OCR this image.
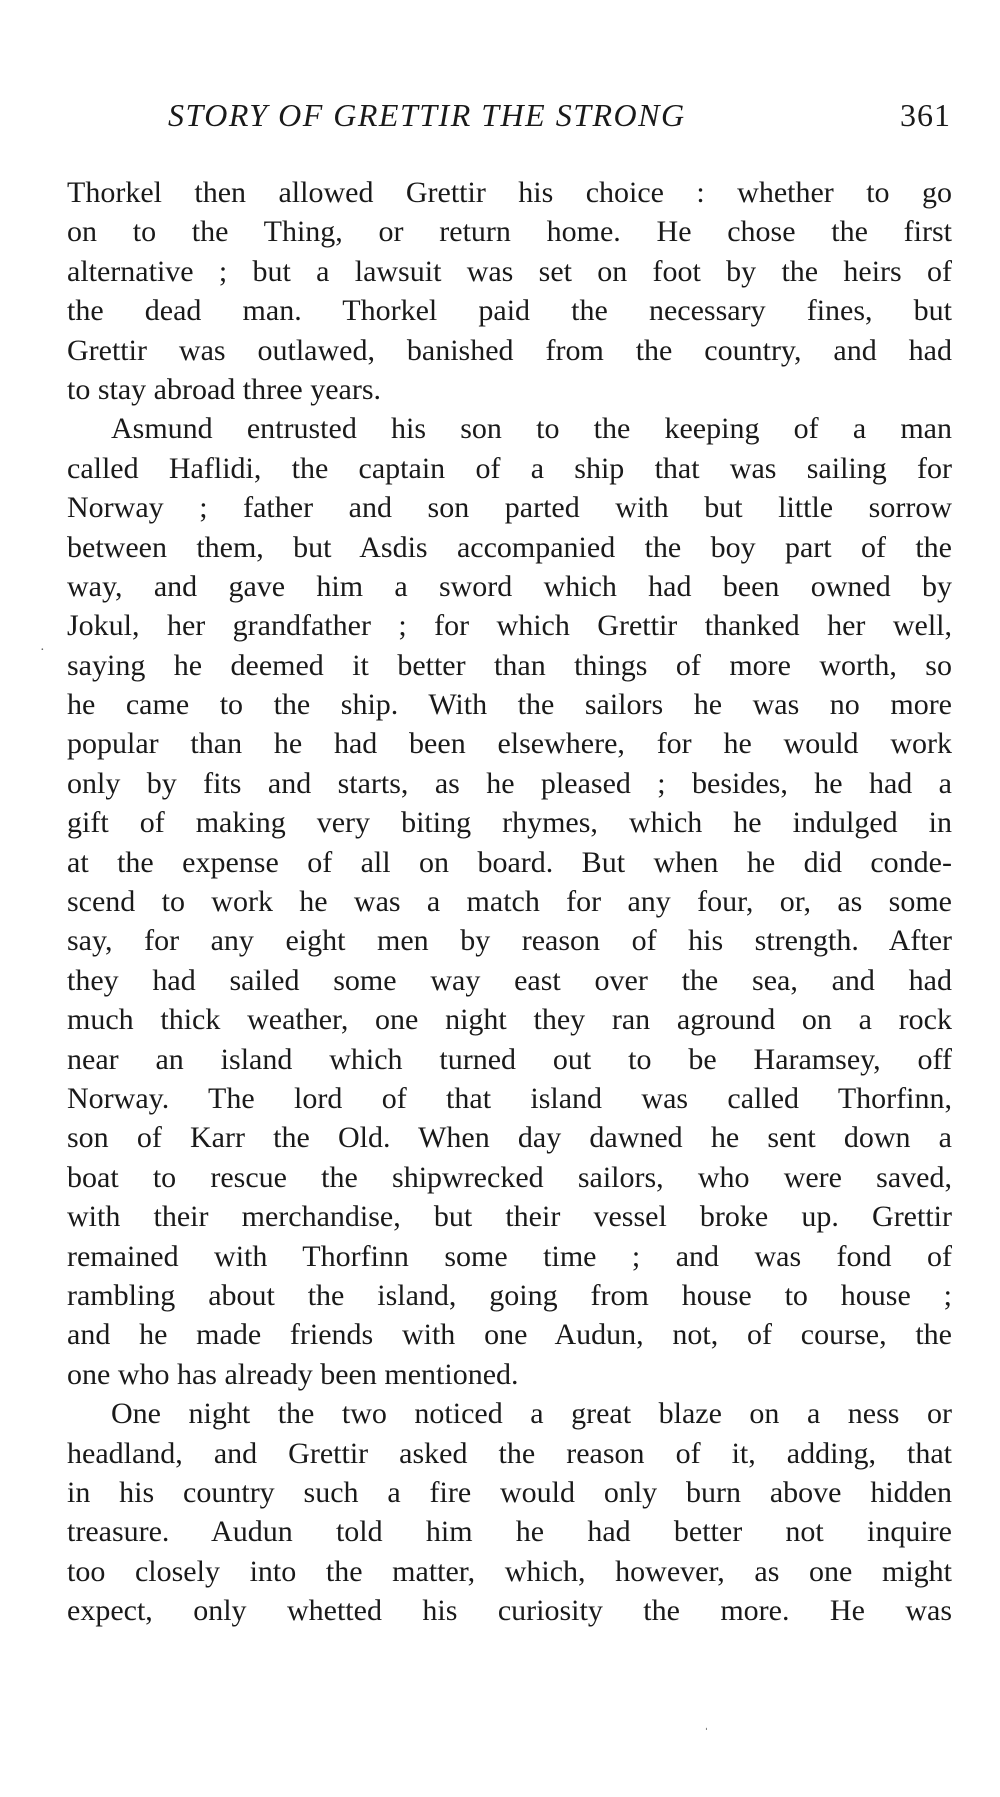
STORY OF GRETTIR THE STRONG	361
Thorkel then allowed Grettir his choice : whether to go
on to the Thing, or return home. He chose the first
alternative ; but a lawsuit was set on foot by the heirs of
the dead man. Thorkel paid the necessary fines, but
Grettir was outlawed, banished from the country, and had
to stay abroad three years.
Asmund entrusted his son to the keeping of a man
called Haflidi, the captain of a ship that was sailing for
Norway ; father and son parted with but little sorrow
between them, but Asdis accompanied the boy part of the
way, and gave him a sword which had been owned by
Jokul, her grandfather ; for which Grettir thanked her well,
saying he deemed it better than things of more worth, so
he came to the ship. With the sailors he was no more
popular than he had been elsewhere, for he would work
only by fits and starts, as he pleased ; besides, he had a
gift of making very biting rhymes, which he indulged in
at the expense of all on board. But when he did conde-
scend to work he was a match for any four, or, as some
say, for any eight men by reason of his strength. After
they had sailed some way east over the sea, and had
much thick weather, one night they ran aground on a rock
near an island which turned out to be Haramsey, off
Norway. The lord of that island was called Thorfinn,
son of Karr the Old. When day dawned he sent down a
boat to rescue the shipwrecked sailors, who were saved,
with their merchandise, but their vessel broke up. Grettir
remained with Thorfinn some time ; and was fond of
rambling about the island, going from house to house ;
and he made friends with one Audun, not, of course, the
one who has already been mentioned.
One night the two noticed a great blaze on a ness or
headland, and Grettir asked the reason of it, adding, that
in his country such a fire would only burn above hidden
treasure. Audun told him he had better not inquire
too closely into the matter, which, however, as one might
expect, only whetted his curiosity the more. He was
·
ˌ
